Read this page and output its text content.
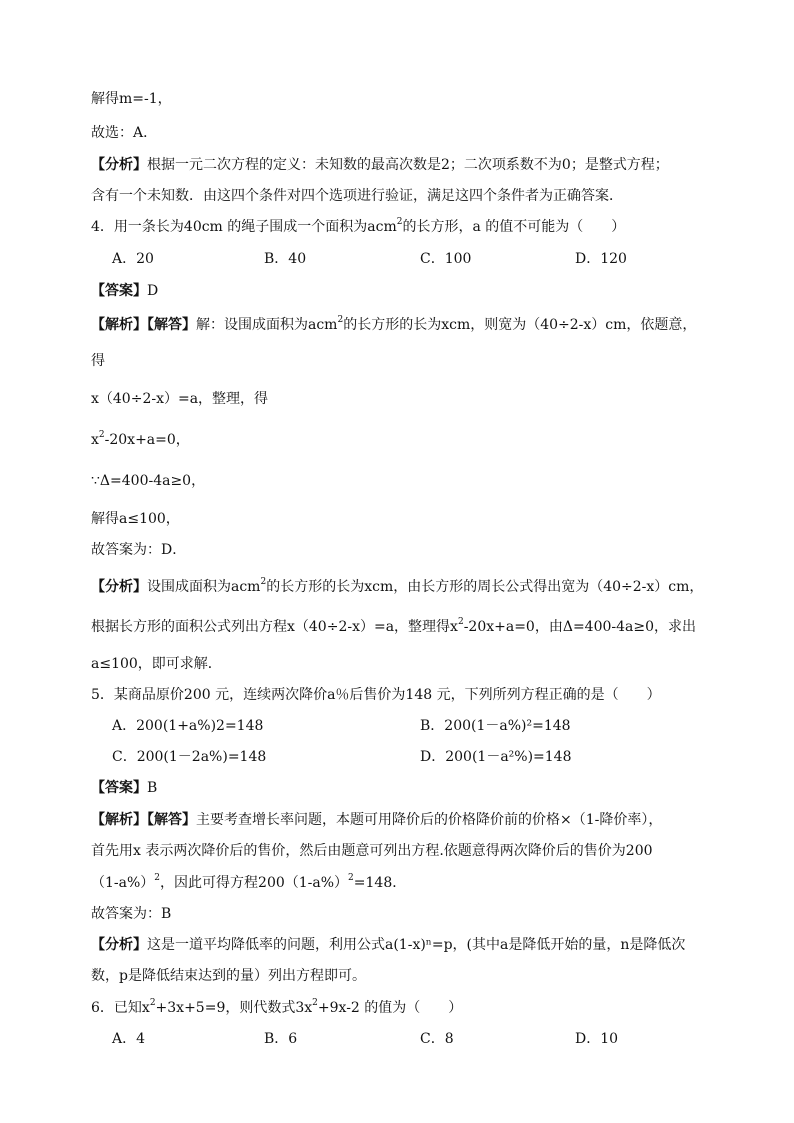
解得m=-1，
故选：A．
【分析】根据一元二次方程的定义：未知数的最高次数是2；二次项系数不为0；是整式方程；
含有一个未知数．由这四个条件对四个选项进行验证，满足这四个条件者为正确答案．
4．用一条长为40cm 的绳子围成一个面积为acm$^2$的长方形，a 的值不可能为（　　）
A．20	B．40	C．100	D．120
【答案】D
【解析】【解答】解：设围成面积为acm$^2$的长方形的长为xcm，则宽为（40÷2-x）cm，依题意，
得
x（40÷2-x）=a，整理，得
$x^2-20x+a=0$，
∵Δ=400-4a≥0，
解得a≤100，
故答案为：D．
【分析】设围成面积为acm$^2$的长方形的长为xcm，由长方形的周长公式得出宽为（40÷2-x）cm，
根据长方形的面积公式列出方程x（40÷2-x）=a，整理得$x^2-20x+a=0$，由Δ=400-4a≥0，求出
a≤100，即可求解．
5．某商品原价200 元，连续两次降价a％后售价为148 元，下列所列方程正确的是（　　）
A．200(1+a%)2=148	B．200(1－a%)²=148
C．200(1－2a%)=148	D．200(1－a²%)=148
【答案】B
【解析】【解答】主要考查增长率问题，本题可用降价后的价格降价前的价格×（1-降价率），
首先用x 表示两次降价后的售价，然后由题意可列出方程.依题意得两次降价后的售价为200
$(1-a\%)^2$，因此可得方程$200(1-a\%)^2=148$．
故答案为：B
【分析】这是一道平均降低率的问题，利用公式a(1-x)ⁿ=p，(其中a是降低开始的量，n是降低次
数，p是降低结束达到的量）列出方程即可。
6．已知$x^2+3x+5=9$，则代数式$3x^2+9x-2$ 的值为（　　）
A．4	B．6	C．8	D．10
